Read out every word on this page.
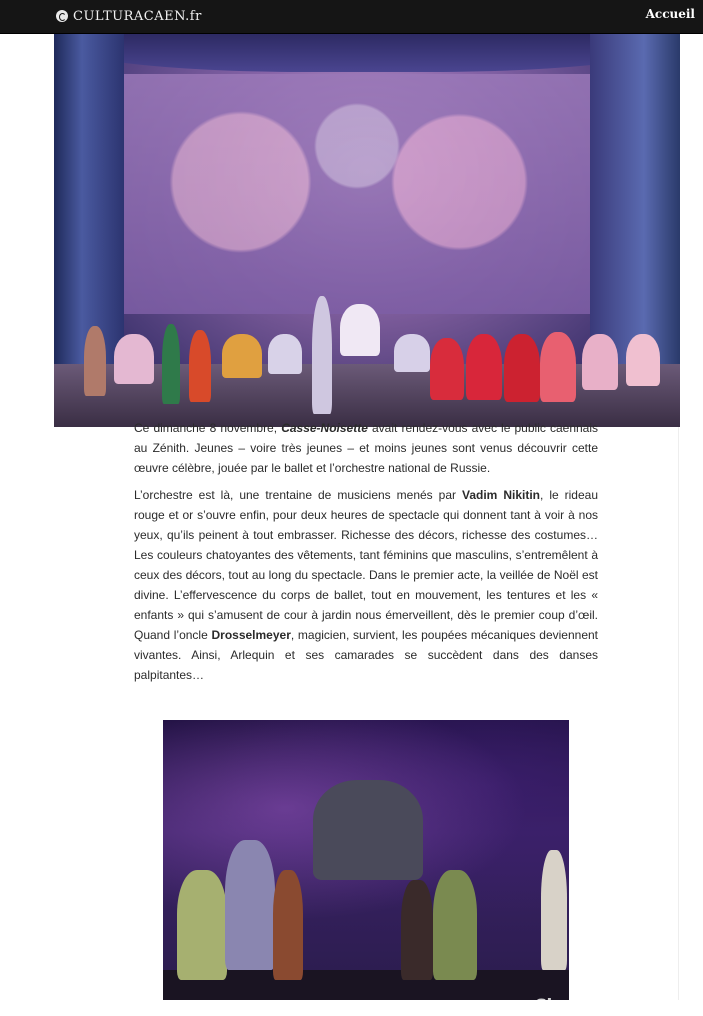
CULTURACAEN.fr	Accueil
Ch

Ce dimanche 8 novembre, Casse-Noisette avait rendez-vous avec le public caennais au Zénith. Jeunes – voire très jeunes – et moins jeunes sont venus découvrir cette œuvre célèbre, jouée par le ballet et l’orchestre national de Russie.

L’orchestre est là, une trentaine de musiciens menés par Vadim Nikitin, le rideau rouge et or s’ouvre enfin, pour deux heures de spectacle qui donnent tant à voir à nos yeux, qu’ils peinent à tout embrasser. Richesse des décors, richesse des costumes… Les couleurs chatoyantes des vêtements, tant féminins que masculins, s’entremêlent à ceux des décors, tout au long du spectacle. Dans le premier acte, la veillée de Noël est divine. L’effervescence du corps de ballet, tout en mouvement, les tentures et les « enfants » qui s’amusent de cour à jardin nous émerveillent, dès le premier coup d’œil. Quand l’oncle Drosselmeyer, magicien, survient, les poupées mécaniques deviennent vivantes. Ainsi, Arlequin et ses camarades se succèdent dans des danses palpitantes…
